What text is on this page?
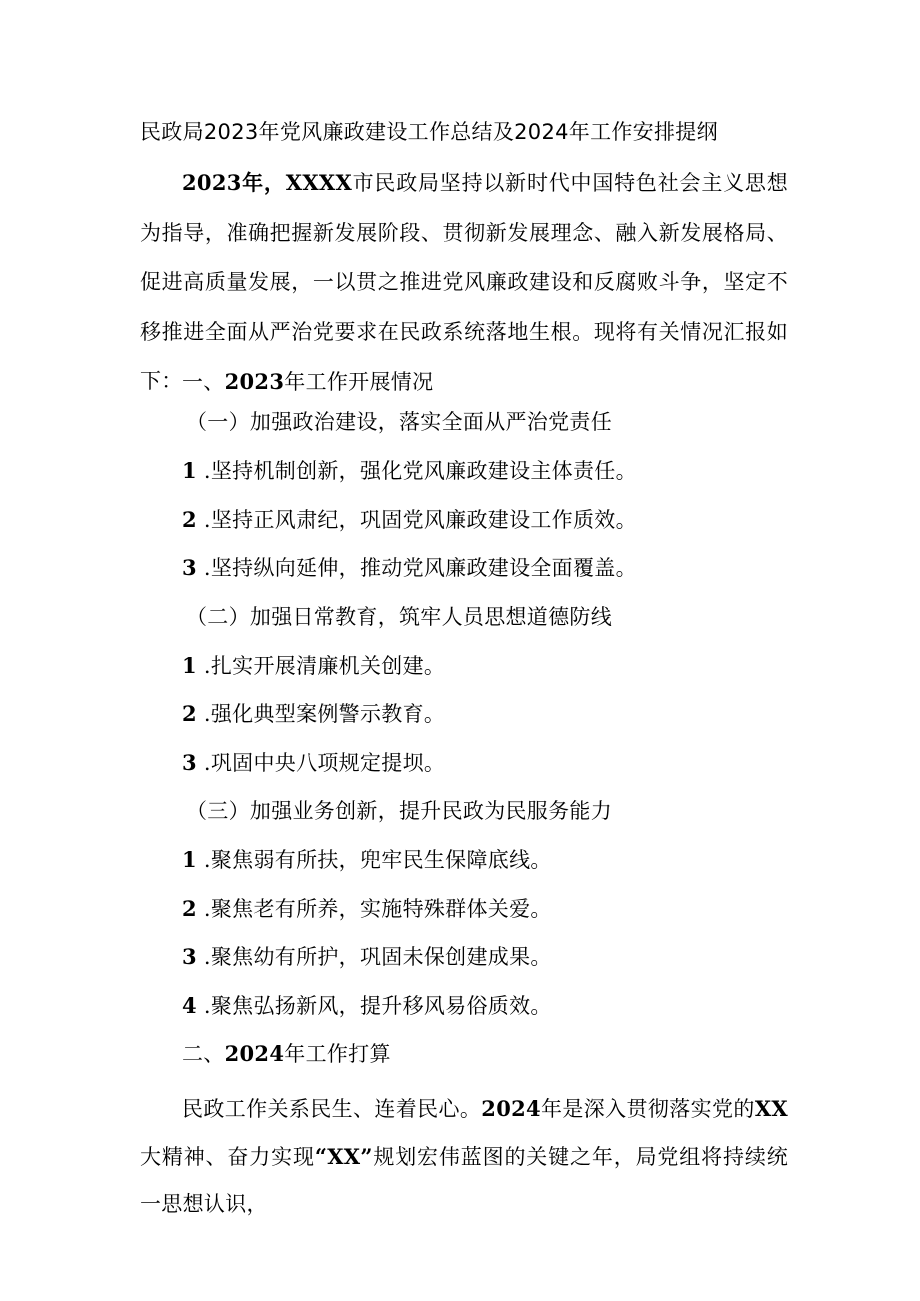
民政局2023年党风廉政建设工作总结及2024年工作安排提纲
2023年，XXXX市民政局坚持以新时代中国特色社会主义思想为指导，准确把握新发展阶段、贯彻新发展理念、融入新发展格局、促进高质量发展，一以贯之推进党风廉政建设和反腐败斗争，坚定不移推进全面从严治党要求在民政系统落地生根。现将有关情况汇报如下： 一、2023年工作开展情况
（一）加强政治建设，落实全面从严治党责任
1 .坚持机制创新，强化党风廉政建设主体责任。
2 .坚持正风肃纪，巩固党风廉政建设工作质效。
3 .坚持纵向延伸，推动党风廉政建设全面覆盖。
（二）加强日常教育，筑牢人员思想道德防线
1 .扎实开展清廉机关创建。
2 .强化典型案例警示教育。
3 .巩固中央八项规定提坝。
（三）加强业务创新，提升民政为民服务能力
1 .聚焦弱有所扶，兜牢民生保障底线。
2 .聚焦老有所养，实施特殊群体关爱。
3 .聚焦幼有所护，巩固未保创建成果。
4 .聚焦弘扬新风，提升移风易俗质效。
二、2024年工作打算
民政工作关系民生、连着民心。2024年是深入贯彻落实党的XX大精神、奋力实现“XX”规划宏伟蓝图的关键之年，局党组将持续统一思想认识，
